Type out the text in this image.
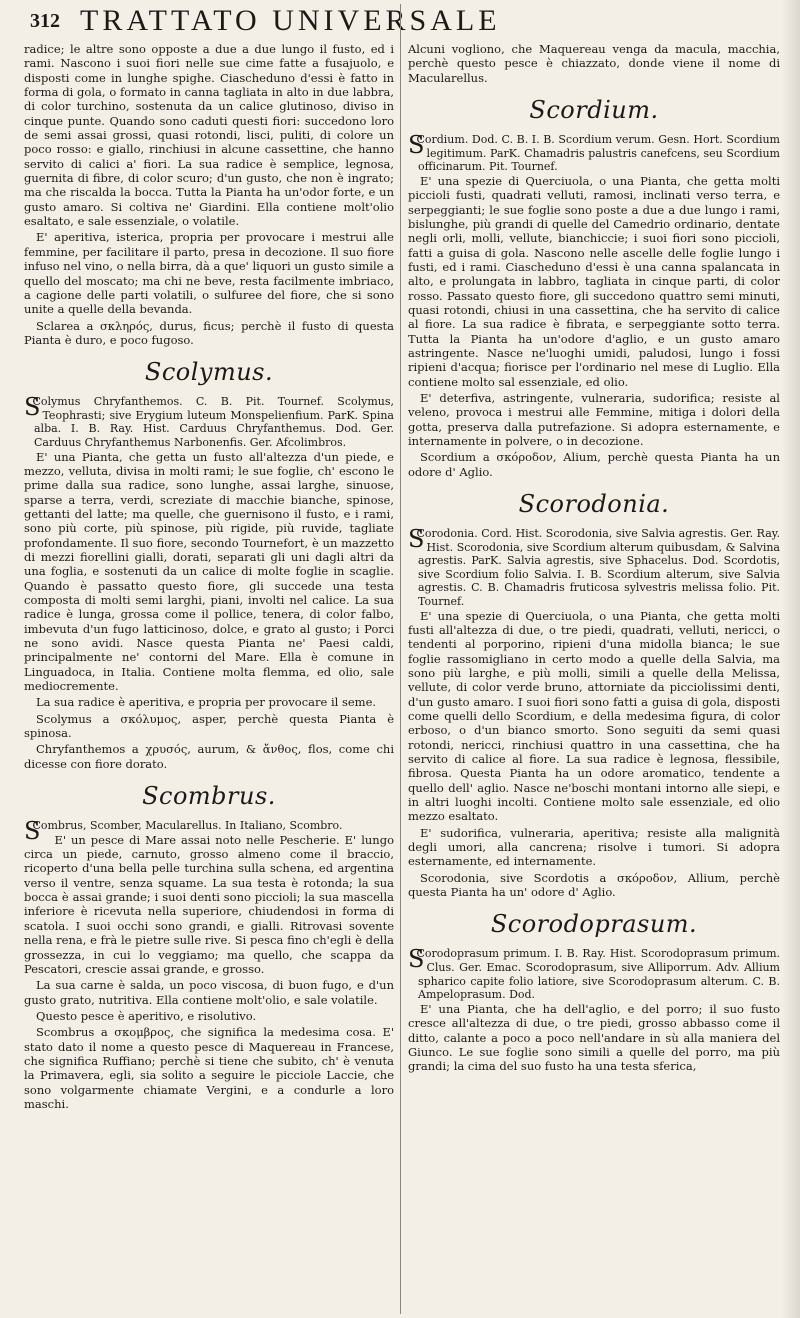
312 TRATTATO UNIVERSALE

radice; le altre sono opposte a due a due lungo il fusto, ed i rami. Nascono i suoi fiori nelle sue cime fatte a fusajuolo, e disposti come in lunghe spighe. Ciascheduno d'essi è fatto in forma di gola, o formato in canna tagliata in alto in due labbra, di color turchino, sostenuta da un calice glutinoso, diviso in cinque punte. Quando sono caduti questi fiori: succedono loro de semi assai grossi, quasi rotondi, lisci, puliti, di colore un poco rosso: e giallo, rinchiusi in alcune cassettine, che hanno servito di calici a' fiori. La sua radice è semplice, legnosa, guernita di fibre, di color scuro; d'un gusto, che non è ingrato; ma che riscalda la bocca. Tutta la Pianta ha un'odor forte, e un gusto amaro. Si coltiva ne' Giardini. Ella contiene molt'olio esaltato, e sale essenziale, o volatile.

E' aperitiva, isterica, propria per provocare i mestrui alle femmine, per facilitare il parto, presa in decozione. Il suo fiore infuso nel vino, o nella birra, dà a que' liquori un gusto simile a quello del moscato; ma chi ne beve, resta facilmente imbriaco, a cagione delle parti volatili, o sulfuree del fiore, che si sono unite a quelle della bevanda.

Sclarea a σκληρός, durus, ficus; perchè il fusto di questa Pianta è duro, e poco fugoso.

Scolymus.
S
Colymus Chryfanthemos. C. B. Pit. Tournef. Scolymus, Teophrasti; sive Erygium luteum Monspelienfium. ParK. Spina alba. I. B. Ray. Hist. Carduus Chryfanthemus. Dod. Ger. Carduus Chryfanthemus Narbonenfis. Ger. Afcolimbros.

E' una Pianta, che getta un fusto all'altezza d'un piede, e mezzo, velluta, divisa in molti rami; le sue foglie, ch' escono le prime dalla sua radice, sono lunghe, assai larghe, sinuose, sparse a terra, verdi, screziate di macchie bianche, spinose, gettanti del latte; ma quelle, che guernisono il fusto, e i rami, sono più corte, più spinose, più rigide, più ruvide, tagliate profondamente. Il suo fiore, secondo Tournefort, è un mazzetto di mezzi fiorellini gialli, dorati, separati gli uni dagli altri da una foglia, e sostenuti da un calice di molte foglie in scaglie. Quando è passatto questo fiore, gli succede una testa composta di molti semi larghi, piani, involti nel calice. La sua radice è lunga, grossa come il pollice, tenera, di color falbo, imbevuta d'un fugo latticinoso, dolce, e grato al gusto; i Porci ne sono avidi. Nasce questa Pianta ne' Paesi caldi, principalmente ne' contorni del Mare. Ella è comune in Linguadoca, in Italia. Contiene molta flemma, ed olio, sale mediocremente.

La sua radice è aperitiva, e propria per provocare il seme.

Scolymus a σκόλυμος, asper, perchè questa Pianta è spinosa.

Chryfanthemos a χρυσός, aurum, & ἄνθος, flos, come chi dicesse con fiore dorato.

Scombrus.
S
Combrus, Scomber, Macularellus. In Italiano, Scombro.

E' un pesce di Mare assai noto nelle Pescherie. E' lungo circa un piede, carnuto, grosso almeno come il braccio, ricoperto d'una bella pelle turchina sulla schena, ed argentina verso il ventre, senza squame. La sua testa è rotonda; la sua bocca è assai grande; i suoi denti sono piccioli; la sua mascella inferiore è ricevuta nella superiore, chiudendosi in forma di scatola. I suoi occhi sono grandi, e gialli. Ritrovasi sovente nella rena, e frà le pietre sulle rive. Si pesca fino ch'egli è della grossezza, in cui lo veggiamo; ma quello, che scappa da Pescatori, crescie assai grande, e grosso.

La sua carne è salda, un poco viscosa, di buon fugo, e d'un gusto grato, nutritiva. Ella contiene molt'olio, e sale volatile.

Questo pesce è aperitivo, e risolutivo.

Scombrus a σκομβρος, che significa la medesima cosa. E' stato dato il nome a questo pesce di Maquereau in Francese, che significa Ruffiano; perchè si tiene che subito, ch' è venuta la Primavera, egli, sia solito a seguire le picciole Laccie, che sono volgarmente chiamate Vergini, e a condurle a loro maschi.

Alcuni vogliono, che Maquereau venga da macula, macchia, perchè questo pesce è chiazzato, donde viene il nome di Macularellus.

Scordium.
S
Cordium. Dod. C. B. I. B. Scordium verum. Gesn. Hort. Scordium legitimum. ParK. Chamadris palustris canefcens, seu Scordium officinarum. Pit. Tournef.

E' una spezie di Querciuola, o una Pianta, che getta molti piccioli fusti, quadrati velluti, ramosi, inclinati verso terra, e serpeggianti; le sue foglie sono poste a due a due lungo i rami, bislunghe, più grandi di quelle del Camedrio ordinario, dentate negli orli, molli, vellute, bianchiccie; i suoi fiori sono piccioli, fatti a guisa di gola. Nascono nelle ascelle delle foglie lungo i fusti, ed i rami. Ciascheduno d'essi è una canna spalancata in alto, e prolungata in labbro, tagliata in cinque parti, di color rosso. Passato questo fiore, gli succedono quattro semi minuti, quasi rotondi, chiusi in una cassettina, che ha servito di calice al fiore. La sua radice è fibrata, e serpeggiante sotto terra. Tutta la Pianta ha un'odore d'aglio, e un gusto amaro astringente. Nasce ne'luoghi umidi, paludosi, lungo i fossi ripieni d'acqua; fiorisce per l'ordinario nel mese di Luglio. Ella contiene molto sal essenziale, ed olio.

E' deterfiva, astringente, vulneraria, sudorifica; resiste al veleno, provoca i mestrui alle Femmine, mitiga i dolori della gotta, preserva dalla putrefazione. Si adopra esternamente, e internamente in polvere, o in decozione.

Scordium a σκόροδον, Alium, perchè questa Pianta ha un odore d' Aglio.

Scorodonia.
S
Corodonia. Cord. Hist. Scorodonia, sive Salvia agrestis. Ger. Ray. Hist. Scorodonia, sive Scordium alterum quibusdam, & Salvina agrestis. ParK. Salvia agrestis, sive Sphacelus. Dod. Scordotis, sive Scordium folio Salvia. I. B. Scordium alterum, sive Salvia agrestis. C. B. Chamadris fruticosa sylvestris melissa folio. Pit. Tournef.

E' una spezie di Querciuola, o una Pianta, che getta molti fusti all'altezza di due, o tre piedi, quadrati, velluti, nericci, o tendenti al porporino, ripieni d'una midolla bianca; le sue foglie rassomigliano in certo modo a quelle della Salvia, ma sono più larghe, e più molli, simili a quelle della Melissa, vellute, di color verde bruno, attorniate da picciolissimi denti, d'un gusto amaro. I suoi fiori sono fatti a guisa di gola, disposti come quelli dello Scordium, e della medesima figura, di color erboso, o d'un bianco smorto. Sono seguiti da semi quasi rotondi, nericci, rinchiusi quattro in una cassettina, che ha servito di calice al fiore. La sua radice è legnosa, flessibile, fibrosa. Questa Pianta ha un odore aromatico, tendente a quello dell' aglio. Nasce ne'boschi montani intorno alle siepi, e in altri luoghi incolti. Contiene molto sale essenziale, ed olio mezzo esaltato.

E' sudorifica, vulneraria, aperitiva; resiste alla malignità degli umori, alla cancrena; risolve i tumori. Si adopra esternamente, ed internamente.

Scorodonia, sive Scordotis a σκόροδον, Allium, perchè questa Pianta ha un' odore d' Aglio.

Scorodoprasum.
S
Corodoprasum primum. I. B. Ray. Hist. Scorodoprasum primum. Clus. Ger. Emac. Scorodoprasum, sive Alliporrum. Adv. Allium spharico capite folio latiore, sive Scorodoprasum alterum. C. B. Ampeloprasum. Dod.

E' una Pianta, che ha dell'aglio, e del porro; il suo fusto cresce all'altezza di due, o tre piedi, grosso abbasso come il ditto, calante a poco a poco nell'andare in sù alla maniera del Giunco. Le sue foglie sono simili a quelle del porro, ma più grandi; la cima del suo fusto ha una testa sferica,
